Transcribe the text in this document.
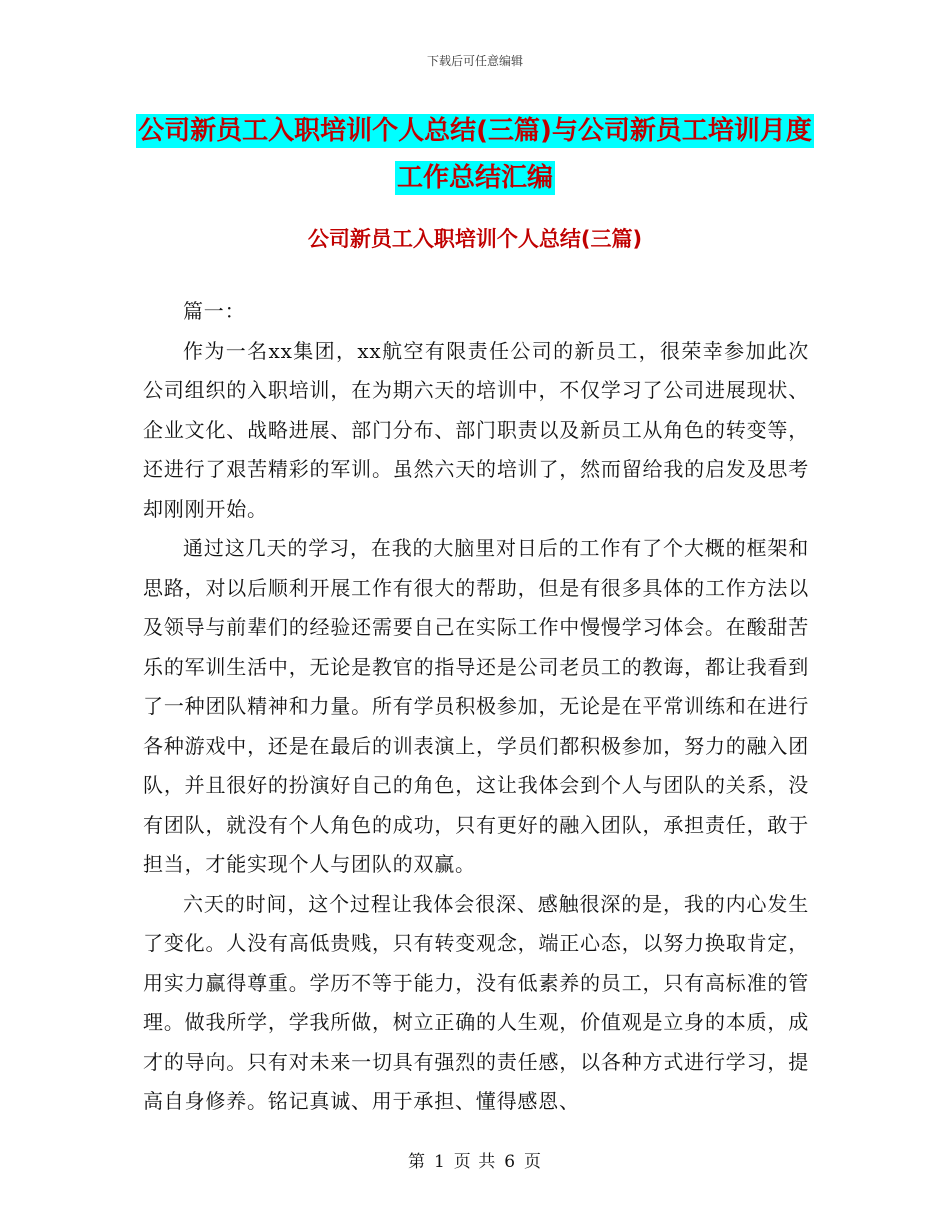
下载后可任意编辑
公司新员工入职培训个人总结(三篇)与公司新员工培训月度工作总结汇编
公司新员工入职培训个人总结(三篇)

篇一：

作为一名xx集团，xx航空有限责任公司的新员工，很荣幸参加此次公司组织的入职培训，在为期六天的培训中，不仅学习了公司进展现状、企业文化、战略进展、部门分布、部门职责以及新员工从角色的转变等，还进行了艰苦精彩的军训。虽然六天的培训了，然而留给我的启发及思考却刚刚开始。

通过这几天的学习，在我的大脑里对日后的工作有了个大概的框架和思路，对以后顺利开展工作有很大的帮助，但是有很多具体的工作方法以及领导与前辈们的经验还需要自己在实际工作中慢慢学习体会。在酸甜苦乐的军训生活中，无论是教官的指导还是公司老员工的教诲，都让我看到了一种团队精神和力量。所有学员积极参加，无论是在平常训练和在进行各种游戏中，还是在最后的训表演上，学员们都积极参加，努力的融入团队，并且很好的扮演好自己的角色，这让我体会到个人与团队的关系，没有团队，就没有个人角色的成功，只有更好的融入团队，承担责任，敢于担当，才能实现个人与团队的双赢。

六天的时间，这个过程让我体会很深、感触很深的是，我的内心发生了变化。人没有高低贵贱，只有转变观念，端正心态，以努力换取肯定，用实力赢得尊重。学历不等于能力，没有低素养的员工，只有高标准的管理。做我所学，学我所做，树立正确的人生观，价值观是立身的本质，成才的导向。只有对未来一切具有强烈的责任感，以各种方式进行学习，提高自身修养。铭记真诚、用于承担、懂得感恩、

第 1 页 共 6 页
